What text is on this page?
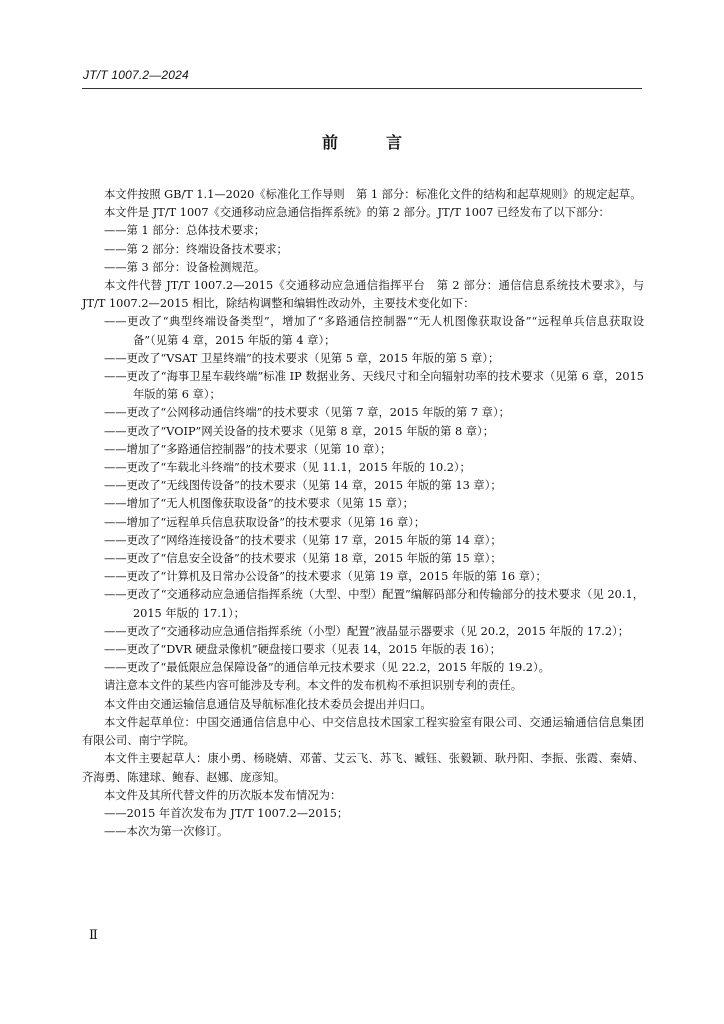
JT/T 1007.2—2024
前	言

本文件按照 GB/T 1.1—2020《标准化工作导则　第 1 部分：标准化文件的结构和起草规则》的规定起草。

本文件是 JT/T 1007《交通移动应急通信指挥系统》的第 2 部分。JT/T 1007 已经发布了以下部分：

——第 1 部分：总体技术要求；

——第 2 部分：终端设备技术要求；

——第 3 部分：设备检测规范。

本文件代替 JT/T 1007.2—2015《交通移动应急通信指挥平台　第 2 部分：通信信息系统技术要求》，与 JT/T 1007.2—2015 相比，除结构调整和编辑性改动外，主要技术变化如下：

——更改了“典型终端设备类型”，增加了“多路通信控制器”“无人机图像获取设备”“远程单兵信息获取设备”（见第 4 章，2015 年版的第 4 章）；

——更改了“VSAT 卫星终端”的技术要求（见第 5 章，2015 年版的第 5 章）；

——更改了“海事卫星车载终端”标准 IP 数据业务、天线尺寸和全向辐射功率的技术要求（见第 6 章，2015 年版的第 6 章）；

——更改了“公网移动通信终端”的技术要求（见第 7 章，2015 年版的第 7 章）；

——更改了“VOIP”网关设备的技术要求（见第 8 章，2015 年版的第 8 章）；

——增加了“多路通信控制器”的技术要求（见第 10 章）；

——更改了“车载北斗终端”的技术要求（见 11.1，2015 年版的 10.2）；

——更改了“无线图传设备”的技术要求（见第 14 章，2015 年版的第 13 章）；

——增加了“无人机图像获取设备”的技术要求（见第 15 章）；

——增加了“远程单兵信息获取设备”的技术要求（见第 16 章）；

——更改了“网络连接设备”的技术要求（见第 17 章，2015 年版的第 14 章）；

——更改了“信息安全设备”的技术要求（见第 18 章，2015 年版的第 15 章）；

——更改了“计算机及日常办公设备”的技术要求（见第 19 章，2015 年版的第 16 章）；

——更改了“交通移动应急通信指挥系统（大型、中型）配置”编解码部分和传输部分的技术要求（见 20.1，2015 年版的 17.1）；

——更改了“交通移动应急通信指挥系统（小型）配置”液晶显示器要求（见 20.2，2015 年版的 17.2）；

——更改了“DVR 硬盘录像机”硬盘接口要求（见表 14，2015 年版的表 16）；

——更改了“最低限应急保障设备”的通信单元技术要求（见 22.2，2015 年版的 19.2）。

请注意本文件的某些内容可能涉及专利。本文件的发布机构不承担识别专利的责任。

本文件由交通运输信息通信及导航标准化技术委员会提出并归口。

本文件起草单位：中国交通通信信息中心、中交信息技术国家工程实验室有限公司、交通运输通信信息集团有限公司、南宁学院。

本文件主要起草人：康小勇、杨晓婧、邓蕾、艾云飞、苏飞、臧钰、张毅颖、耿丹阳、李振、张霞、秦婧、齐海勇、陈建球、鲍春、赵娜、庞彦知。

本文件及其所代替文件的历次版本发布情况为：

——2015 年首次发布为 JT/T 1007.2—2015；

——本次为第一次修订。

Ⅱ
